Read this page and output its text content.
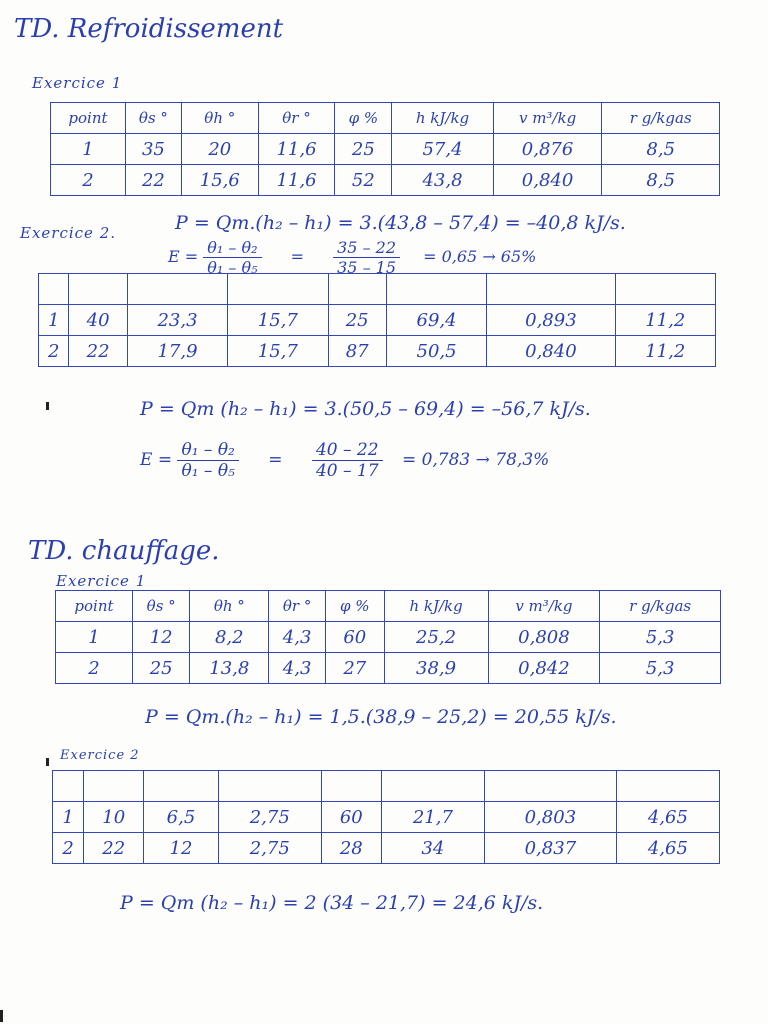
TD. Refroidissement
Exercice 1
point	θs °	θh °	θr °	φ %	h kJ/kg	v m³/kg	r g/kgas
1	35	20	11,6	25	57,4	0,876	8,5
2	22	15,6	11,6	52	43,8	0,840	8,5
Exercice 2.	P = Qm.(h₂ – h₁) = 3.(43,8 – 57,4) = –40,8 kJ/s.
$E = \frac{\text{θ₁ – θ₂}}{\text{θ₁ – θ₅}} = \frac{35 - 22}{35 - 15} = 0,65 \to 65\%$

1	40	23,3	15,7	25	69,4	0,893	11,2
2	22	17,9	15,7	87	50,5	0,840	11,2
P = Qm (h₂ – h₁) = 3.(50,5 – 69,4) = –56,7 kJ/s.
$E = \frac{\text{θ₁ – θ₂}}{\text{θ₁ – θ₅}} = \frac{40 - 22}{40 - 17} = 0,783 \to 78,3\%$
TD. chauffage.
Exercice 1
point	θs °	θh °	θr °	φ %	h kJ/kg	v m³/kg	r g/kgas
1	12	8,2	4,3	60	25,2	0,808	5,3
2	25	13,8	4,3	27	38,9	0,842	5,3
P = Qm.(h₂ – h₁) = 1,5.(38,9 – 25,2) = 20,55 kJ/s.
Exercice 2

1	10	6,5	2,75	60	21,7	0,803	4,65
2	22	12	2,75	28	34	0,837	4,65
P = Qm (h₂ – h₁) = 2 (34 – 21,7) = 24,6 kJ/s.
